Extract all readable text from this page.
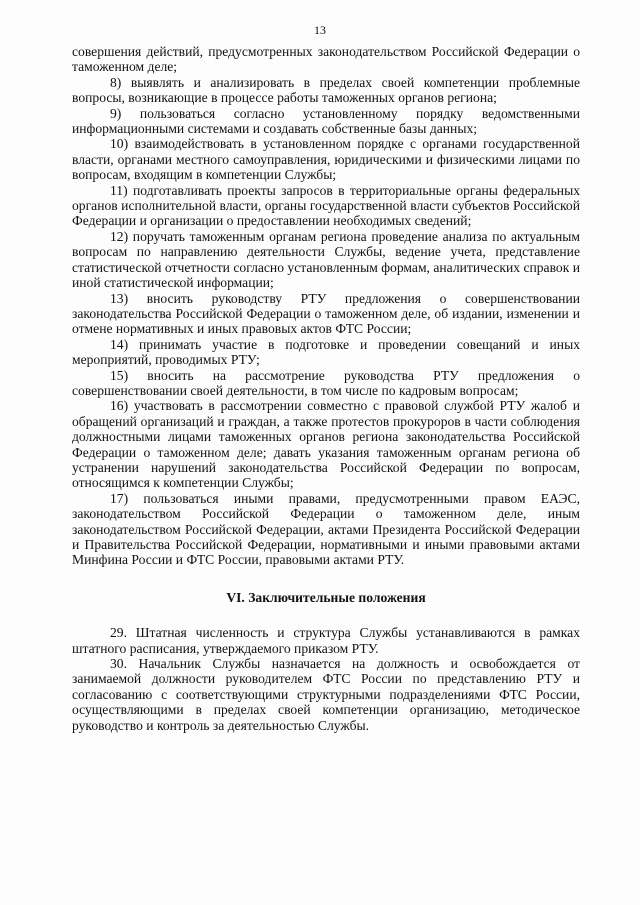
13

совершения действий, предусмотренных законодательством Российской Федерации о таможенном деле;

8) выявлять и анализировать в пределах своей компетенции проблемные вопросы, возникающие в процессе работы таможенных органов региона;

9) пользоваться согласно установленному порядку ведомственными информационными системами и создавать собственные базы данных;

10) взаимодействовать в установленном порядке с органами государственной власти, органами местного самоуправления, юридическими и физическими лицами по вопросам, входящим в компетенции Службы;

11) подготавливать проекты запросов в территориальные органы федеральных органов исполнительной власти, органы государственной власти субъектов Российской Федерации и организации о предоставлении необходимых сведений;

12) поручать таможенным органам региона проведение анализа по актуальным вопросам по направлению деятельности Службы, ведение учета, представление статистической отчетности согласно установленным формам, аналитических справок и иной статистической информации;

13) вносить руководству РТУ предложения о совершенствовании законодательства Российской Федерации о таможенном деле, об издании, изменении и отмене нормативных и иных правовых актов ФТС России;

14) принимать участие в подготовке и проведении совещаний и иных мероприятий, проводимых РТУ;

15) вносить на рассмотрение руководства РТУ предложения о совершенствовании своей деятельности, в том числе по кадровым вопросам;

16) участвовать в рассмотрении совместно с правовой службой РТУ жалоб и обращений организаций и граждан, а также протестов прокуроров в части соблюдения должностными лицами таможенных органов региона законодательства Российской Федерации о таможенном деле; давать указания таможенным органам региона об устранении нарушений законодательства Российской Федерации по вопросам, относящимся к компетенции Службы;

17) пользоваться иными правами, предусмотренными правом ЕАЭС, законодательством Российской Федерации о таможенном деле, иным законодательством Российской Федерации, актами Президента Российской Федерации и Правительства Российской Федерации, нормативными и иными правовыми актами Минфина России и ФТС России, правовыми актами РТУ.

VI. Заключительные положения

29. Штатная численность и структура Службы устанавливаются в рамках штатного расписания, утверждаемого приказом РТУ.

30. Начальник Службы назначается на должность и освобождается от занимаемой должности руководителем ФТС России по представлению РТУ и согласованию с соответствующими структурными подразделениями ФТС России, осуществляющими в пределах своей компетенции организацию, методическое руководство и контроль за деятельностью Службы.
